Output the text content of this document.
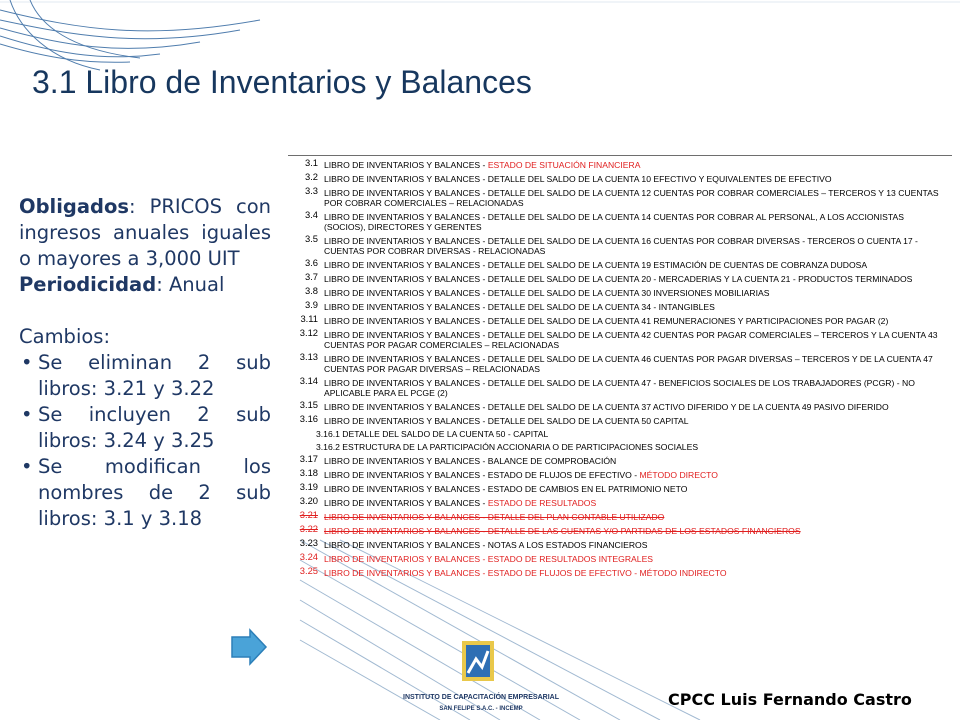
3.1 Libro de Inventarios y Balances

Obligados: PRICOS con ingresos anuales iguales o mayores a 3,000 UIT

Periodicidad: Anual

Cambios:

• Se eliminan 2 sub libros: 3.21 y 3.22
• Se incluyen 2 sub libros: 3.24 y 3.25
• Se modifican los nombres de 2 sub libros: 3.1 y 3.18
3.1 LIBRO DE INVENTARIOS Y BALANCES - ESTADO DE SITUACIÓN FINANCIERA
3.2 LIBRO DE INVENTARIOS Y BALANCES - DETALLE DEL SALDO DE LA CUENTA 10 EFECTIVO Y EQUIVALENTES DE EFECTIVO
3.3 LIBRO DE INVENTARIOS Y BALANCES - DETALLE DEL SALDO DE LA CUENTA 12 CUENTAS POR COBRAR COMERCIALES – TERCEROS Y 13 CUENTAS POR COBRAR COMERCIALES – RELACIONADAS
3.4 LIBRO DE INVENTARIOS Y BALANCES - DETALLE DEL SALDO DE LA CUENTA 14 CUENTAS POR COBRAR AL PERSONAL, A LOS ACCIONISTAS (SOCIOS), DIRECTORES Y GERENTES
3.5 LIBRO DE INVENTARIOS Y BALANCES - DETALLE DEL SALDO DE LA CUENTA 16 CUENTAS POR COBRAR DIVERSAS - TERCEROS O CUENTA 17 - CUENTAS POR COBRAR DIVERSAS - RELACIONADAS
3.6 LIBRO DE INVENTARIOS Y BALANCES - DETALLE DEL SALDO DE LA CUENTA 19 ESTIMACIÓN DE CUENTAS DE COBRANZA DUDOSA
3.7 LIBRO DE INVENTARIOS Y BALANCES - DETALLE DEL SALDO DE LA CUENTA 20 - MERCADERIAS Y LA CUENTA 21 - PRODUCTOS TERMINADOS
3.8 LIBRO DE INVENTARIOS Y BALANCES - DETALLE DEL SALDO DE LA CUENTA 30 INVERSIONES MOBILIARIAS
3.9 LIBRO DE INVENTARIOS Y BALANCES - DETALLE DEL SALDO DE LA CUENTA 34 - INTANGIBLES
3.11 LIBRO DE INVENTARIOS Y BALANCES - DETALLE DEL SALDO DE LA CUENTA 41 REMUNERACIONES Y PARTICIPACIONES POR PAGAR (2)
3.12 LIBRO DE INVENTARIOS Y BALANCES - DETALLE DEL SALDO DE LA CUENTA 42 CUENTAS POR PAGAR COMERCIALES – TERCEROS Y LA CUENTA 43 CUENTAS POR PAGAR COMERCIALES – RELACIONADAS
3.13 LIBRO DE INVENTARIOS Y BALANCES - DETALLE DEL SALDO DE LA CUENTA 46 CUENTAS POR PAGAR DIVERSAS – TERCEROS Y DE LA CUENTA 47 CUENTAS POR PAGAR DIVERSAS – RELACIONADAS
3.14 LIBRO DE INVENTARIOS Y BALANCES - DETALLE DEL SALDO DE LA CUENTA 47 - BENEFICIOS SOCIALES DE LOS TRABAJADORES (PCGR) - NO APLICABLE PARA EL PCGE (2)
3.15 LIBRO DE INVENTARIOS Y BALANCES - DETALLE DEL SALDO DE LA CUENTA 37 ACTIVO DIFERIDO Y DE LA CUENTA 49 PASIVO DIFERIDO
3.16 LIBRO DE INVENTARIOS Y BALANCES - DETALLE DEL SALDO DE LA CUENTA 50 CAPITAL
3.16.1 DETALLE DEL SALDO DE LA CUENTA 50 - CAPITAL
3.16.2 ESTRUCTURA DE LA PARTICIPACIÓN ACCIONARIA O DE PARTICIPACIONES SOCIALES
3.17 LIBRO DE INVENTARIOS Y BALANCES - BALANCE DE COMPROBACIÓN
3.18 LIBRO DE INVENTARIOS Y BALANCES - ESTADO DE FLUJOS DE EFECTIVO - MÉTODO DIRECTO
3.19 LIBRO DE INVENTARIOS Y BALANCES - ESTADO DE CAMBIOS EN EL PATRIMONIO NETO
3.20 LIBRO DE INVENTARIOS Y BALANCES - ESTADO DE RESULTADOS
3.21 LIBRO DE INVENTARIOS Y BALANCES - DETALLE DEL PLAN CONTABLE UTILIZADO
3.22 LIBRO DE INVENTARIOS Y BALANCES - DETALLE DE LAS CUENTAS Y/O PARTIDAS DE LOS ESTADOS FINANCIEROS
3.23 LIBRO DE INVENTARIOS Y BALANCES - NOTAS A LOS ESTADOS FINANCIEROS
3.24 LIBRO DE INVENTARIOS Y BALANCES - ESTADO DE RESULTADOS INTEGRALES
3.25 LIBRO DE INVENTARIOS Y BALANCES - ESTADO DE FLUJOS DE EFECTIVO - MÉTODO INDIRECTO
INSTITUTO DE CAPACITACIÓN EMPRESARIAL
SAN FELIPE S.A.C. - INCEMP	CPCC Luis Fernando Castro
